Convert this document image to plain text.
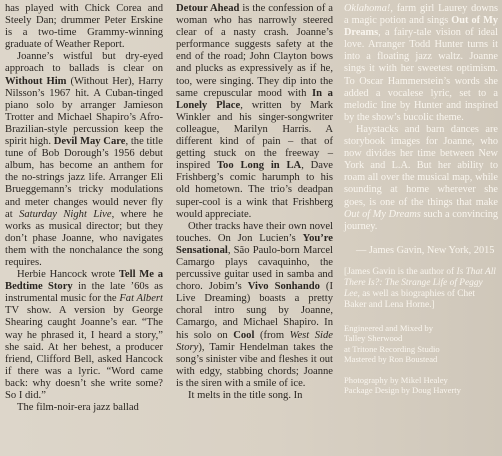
has played with Chick Corea and Steely Dan; drummer Peter Erskine is a two-time Grammy-winning graduate of Weather Report.

Joanne’s wistful but dry-eyed approach to ballads is clear on Without Him (Without Her), Harry Nilsson’s 1967 hit. A Cuban-tinged piano solo by arranger Jamieson Trotter and Michael Shapiro’s Afro-Brazilian-style percussion keep the spirit high. Devil May Care, the title tune of Bob Dorough’s 1956 debut album, has become an anthem for the no-strings jazz life. Arranger Eli Brueggemann’s tricky modulations and meter changes would never fly at Saturday Night Live, where he works as musical director; but they don’t phase Joanne, who navigates them with the nonchalance the song requires.

Herbie Hancock wrote Tell Me a Bedtime Story in the late ’60s as instrumental music for the Fat Albert TV show. A version by George Shearing caught Joanne’s ear. “The way he phrased it, I heard a story,” she said. At her behest, a producer friend, Clifford Bell, asked Hancock if there was a lyric. “Word came back: why doesn’t she write some? So I did.”

The film-noir-era jazz ballad

Detour Ahead is the confession of a woman who has narrowly steered clear of a nasty crash. Joanne’s performance suggests safety at the end of the road; John Clayton bows and plucks as expressively as if he, too, were singing. They dip into the same crepuscular mood with In a Lonely Place, written by Mark Winkler and his singer-songwriter colleague, Marilyn Harris. A different kind of pain – that of getting stuck on the freeway – inspired Too Long in LA, Dave Frishberg’s comic harumph to his old hometown. The trio’s deadpan super-cool is a wink that Frishberg would appreciate.

Other tracks have their own novel touches. On Jon Lucien’s You’re Sensational, São Paulo-born Marcel Camargo plays cavaquinho, the percussive guitar used in samba and choro. Jobim’s Vivo Sonhando (I Live Dreaming) boasts a pretty choral intro sung by Joanne, Camargo, and Michael Shapiro. In his solo on Cool (from West Side Story), Tamir Hendelman takes the song’s sinister vibe and fleshes it out with edgy, stabbing chords; Joanne is the siren with a smile of ice.

It melts in the title song. In

Oklahoma!, farm girl Laurey downs a magic potion and sings Out of My Dreams, a fairy-tale vision of ideal love. Arranger Todd Hunter turns it into a floating jazz waltz. Joanne sings it with her sweetest optimism. To Oscar Hammerstein’s words she added a vocalese lyric, set to a melodic line by Hunter and inspired by the show’s bucolic theme.

Haystacks and barn dances are storybook images for Joanne, who now divides her time between New York and L.A. But her ability to roam all over the musical map, while sounding at home wherever she goes, is one of the things that make Out of My Dreams such a convincing journey.

— James Gavin, New York, 2015

[James Gavin is the author of Is That All There Is?: The Strange Life of Peggy Lee, as well as biographies of Chet Baker and Lena Horne.]

Engineered and Mixed by
Talley Sherwood
at Tritone Recording Studio
Mastered by Ron Boustead
Photography by Mikel Healey
Package Design by Doug Haverty
